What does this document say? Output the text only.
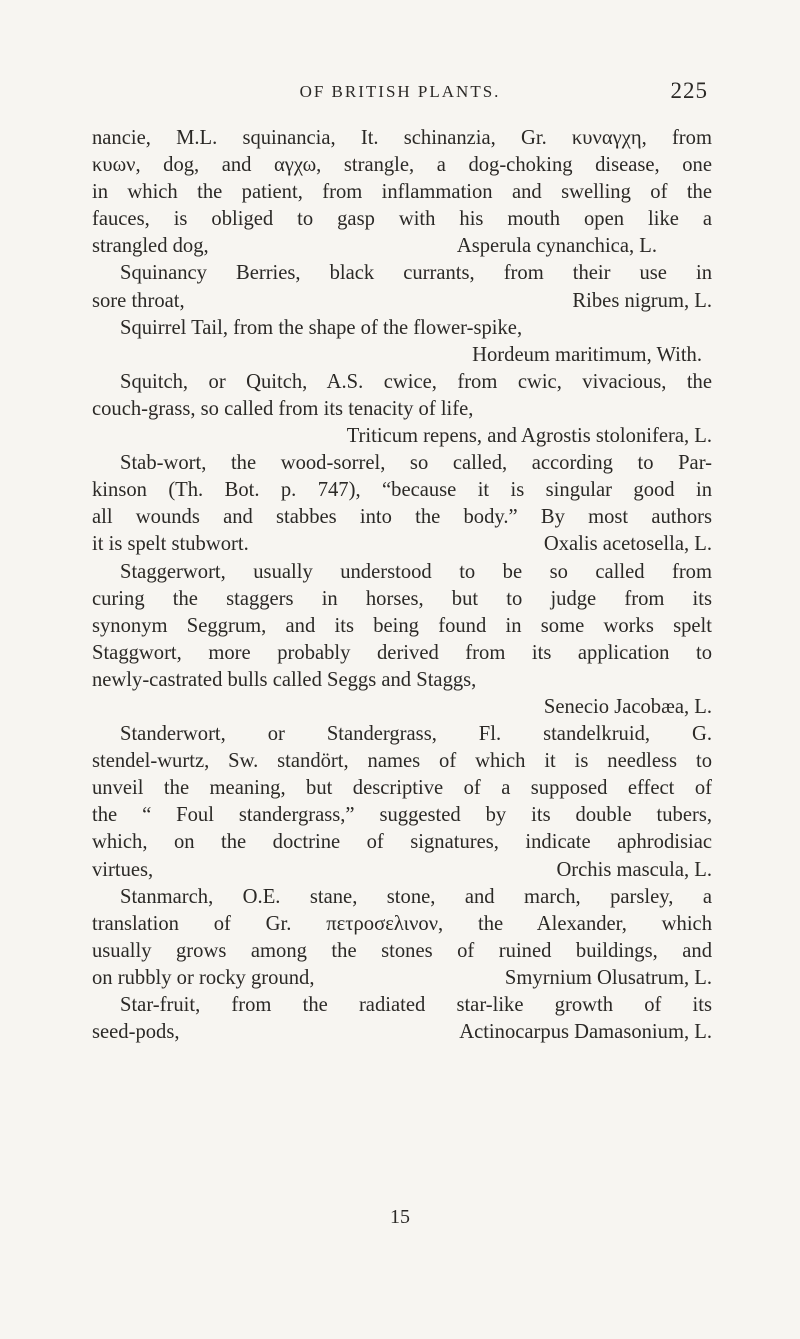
OF BRITISH PLANTS.	225
nancie, M.L. squinancia, It. schinanzia, Gr. κυναγχη, from
κυων, dog, and αγχω, strangle, a dog-choking disease, one
in which the patient, from inflammation and swelling of the
fauces, is obliged to gasp with his mouth open like a
strangled dog,	Asperula cynanchica, L.
Squinancy Berries, black currants, from their use in
sore throat,	Ribes nigrum, L.
Squirrel Tail, from the shape of the flower-spike,
Hordeum maritimum, With.
Squitch, or Quitch, A.S. cwice, from cwic, vivacious, the
couch-grass, so called from its tenacity of life,
Triticum repens, and Agrostis stolonifera, L.
Stab-wort, the wood-sorrel, so called, according to Par-
kinson (Th. Bot. p. 747), “because it is singular good in
all wounds and stabbes into the body.” By most authors
it is spelt stubwort.	Oxalis acetosella, L.
Staggerwort, usually understood to be so called from
curing the staggers in horses, but to judge from its
synonym Seggrum, and its being found in some works spelt
Staggwort, more probably derived from its application to
newly-castrated bulls called Seggs and Staggs,
Senecio Jacobæa, L.
Standerwort, or Standergrass, Fl. standelkruid, G.
stendel-wurtz, Sw. standört, names of which it is needless to
unveil the meaning, but descriptive of a supposed effect of
the “ Foul standergrass,” suggested by its double tubers,
which, on the doctrine of signatures, indicate aphrodisiac
virtues,	Orchis mascula, L.
Stanmarch, O.E. stane, stone, and march, parsley, a
translation of Gr. πετροσελινον, the Alexander, which
usually grows among the stones of ruined buildings, and
on rubbly or rocky ground,	Smyrnium Olusatrum, L.
Star-fruit, from the radiated star-like growth of its
seed-pods,	Actinocarpus Damasonium, L.
15
